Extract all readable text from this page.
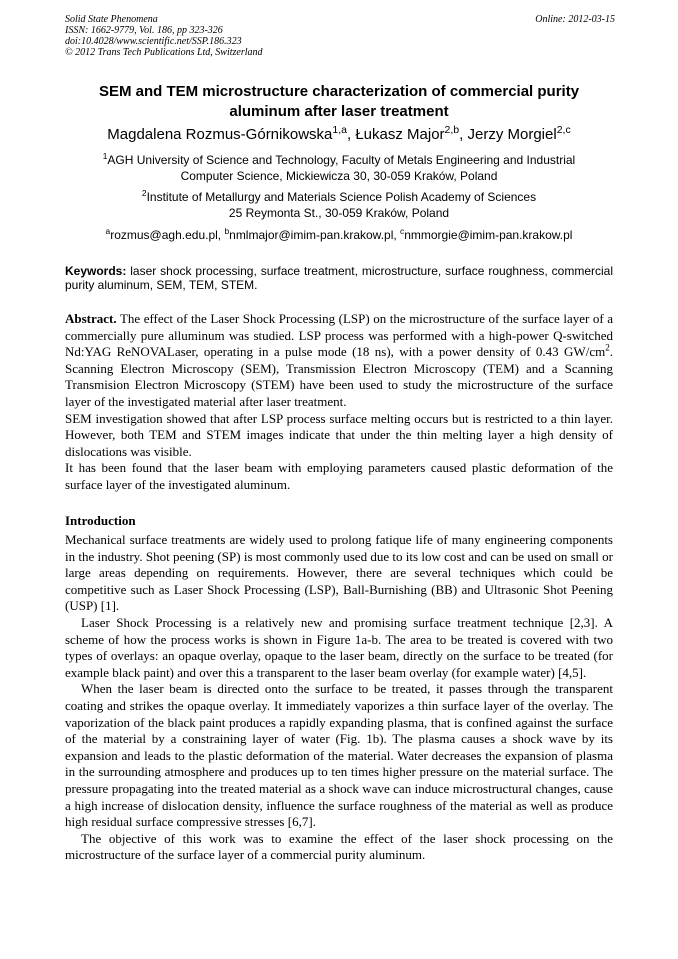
Solid State Phenomena
ISSN: 1662-9779, Vol. 186, pp 323-326
doi:10.4028/www.scientific.net/SSP.186.323
© 2012 Trans Tech Publications Ltd, Switzerland
Online: 2012-03-15
SEM and TEM microstructure characterization of commercial purity aluminum after laser treatment
Magdalena Rozmus-Górnikowska$^{1,a}$, Łukasz Major$^{2,b}$, Jerzy Morgiel$^{2,c}$
$^1$AGH University of Science and Technology, Faculty of Metals Engineering and Industrial
Computer Science, Mickiewicza 30, 30-059 Kraków, Poland
$^2$Institute of Metallurgy and Materials Science Polish Academy of Sciences
25 Reymonta St., 30-059 Kraków, Poland
$^a$rozmus@agh.edu.pl, $^b$nmlmajor@imim-pan.krakow.pl, $^c$nmmorgie@imim-pan.krakow.pl
Keywords: laser shock processing, surface treatment, microstructure, surface roughness, commercial purity aluminum, SEM, TEM, STEM.

Abstract. The effect of the Laser Shock Processing (LSP) on the microstructure of the surface layer of a commercially pure alluminum was studied. LSP process was performed with a high-power Q-switched Nd:YAG ReNOVALaser, operating in a pulse mode (18 ns), with a power density of 0.43 $GW/cm^2$. Scanning Electron Microscopy (SEM), Transmission Electron Microscopy (TEM) and a Scanning Transmision Electron Microscopy (STEM) have been used to study the microstructure of the surface layer of the investigated material after laser treatment.

SEM investigation showed that after LSP process surface melting occurs but is restricted to a thin layer. However, both TEM and STEM images indicate that under the thin melting layer a high density of dislocations was visible.

It has been found that the laser beam with employing parameters caused plastic deformation of the surface layer of the investigated aluminum.

Introduction

Mechanical surface treatments are widely used to prolong fatique life of many engineering components in the industry. Shot peening (SP) is most commonly used due to its low cost and can be used on small or large areas depending on requirements. However, there are several techniques which could be competitive such as Laser Shock Processing (LSP), Ball-Burnishing (BB) and Ultrasonic Shot Peening (USP) [1].

Laser Shock Processing is a relatively new and promising surface treatment technique [2,3]. A scheme of how the process works is shown in Figure 1a-b. The area to be treated is covered with two types of overlays: an opaque overlay, opaque to the laser beam, directly on the surface to be treated (for example black paint) and over this a transparent to the laser beam overlay (for example water) [4,5].

When the laser beam is directed onto the surface to be treated, it passes through the transparent coating and strikes the opaque overlay. It immediately vaporizes a thin surface layer of the overlay. The vaporization of the black paint produces a rapidly expanding plasma, that is confined against the surface of the material by a constraining layer of water (Fig. 1b). The plasma causes a shock wave by its expansion and leads to the plastic deformation of the material. Water decreases the expansion of plasma in the surrounding atmosphere and produces up to ten times higher pressure on the material surface. The pressure propagating into the treated material as a shock wave can induce microstructural changes, cause a high increase of dislocation density, influence the surface roughness of the material as well as produce high residual surface compressive stresses [6,7].

The objective of this work was to examine the effect of the laser shock processing on the microstructure of the surface layer of a commercial purity aluminum.
